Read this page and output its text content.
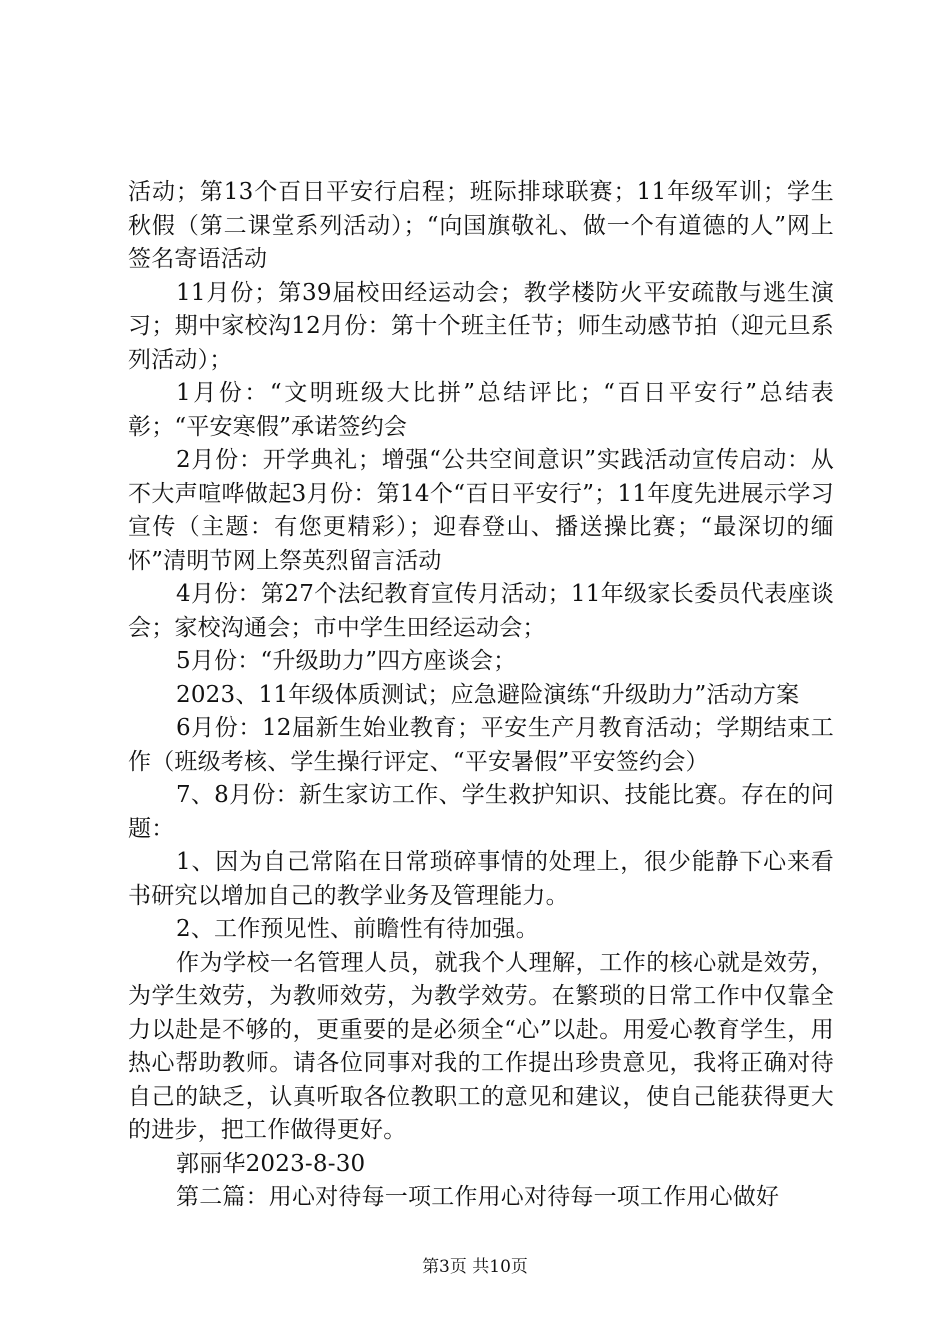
活动；第13个百日平安行启程；班际排球联赛；11年级军训；学生秋假（第二课堂系列活动）；“向国旗敬礼、做一个有道德的人”网上签名寄语活动

11月份；第39届校田经运动会；教学楼防火平安疏散与逃生演习；期中家校沟12月份：第十个班主任节；师生动感节拍（迎元旦系列活动）；

1月份：“文明班级大比拼”总结评比；“百日平安行”总结表彰；“平安寒假”承诺签约会

2月份：开学典礼；增强“公共空间意识”实践活动宣传启动：从不大声喧哗做起3月份：第14个“百日平安行”；11年度先进展示学习宣传（主题：有您更精彩）；迎春登山、播送操比赛；“最深切的缅怀”清明节网上祭英烈留言活动

4月份：第27个法纪教育宣传月活动；11年级家长委员代表座谈会；家校沟通会；市中学生田经运动会；

5月份：“升级助力”四方座谈会；

2023、11年级体质测试；应急避险演练“升级助力”活动方案

6月份：12届新生始业教育；平安生产月教育活动；学期结束工作（班级考核、学生操行评定、“平安暑假”平安签约会）

7、8月份：新生家访工作、学生救护知识、技能比赛。存在的问题：

1、因为自己常陷在日常琐碎事情的处理上，很少能静下心来看书研究以增加自己的教学业务及管理能力。

2、工作预见性、前瞻性有待加强。

作为学校一名管理人员，就我个人理解，工作的核心就是效劳，为学生效劳，为教师效劳，为教学效劳。在繁琐的日常工作中仅靠全力以赴是不够的，更重要的是必须全“心”以赴。用爱心教育学生，用热心帮助教师。请各位同事对我的工作提出珍贵意见，我将正确对待自己的缺乏，认真听取各位教职工的意见和建议，使自己能获得更大的进步，把工作做得更好。

郭丽华2023-8-30

第二篇：用心对待每一项工作用心对待每一项工作用心做好

第3页 共10页
